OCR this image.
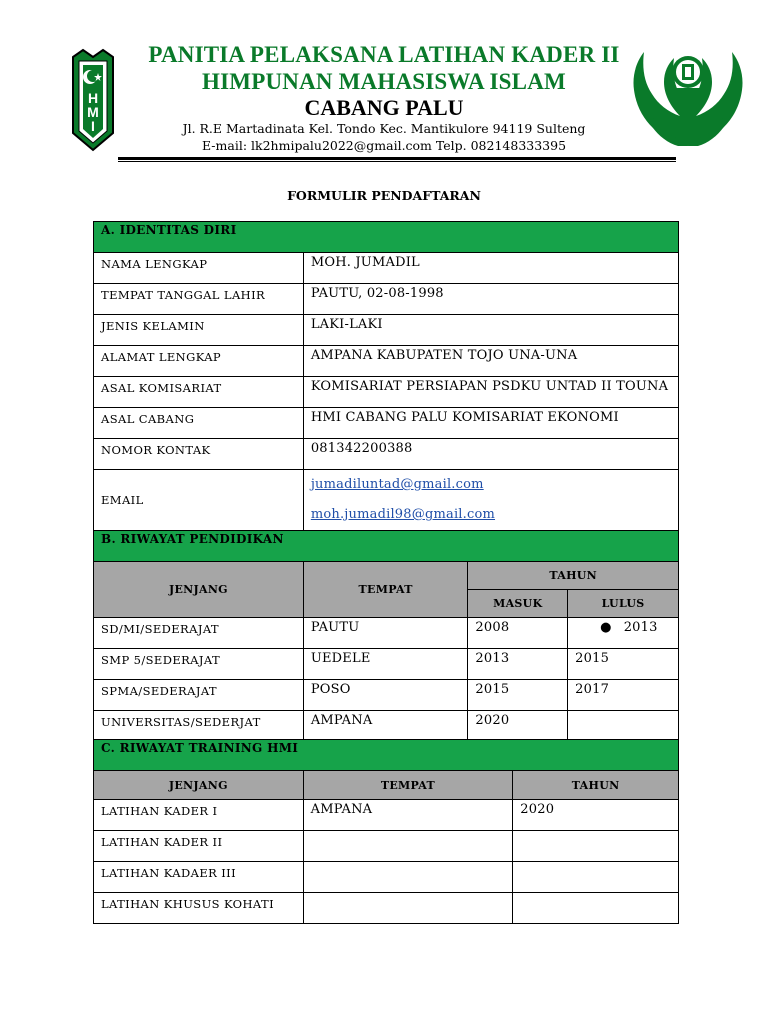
H
M
I
PANITIA PELAKSANA LATIHAN KADER II
HIMPUNAN MAHASISWA ISLAM
CABANG PALU
Jl. R.E Martadinata Kel. Tondo Kec. Mantikulore 94119 Sulteng
E-mail: lk2hmipalu2022@gmail.com Telp. 082148333395
FORMULIR PENDAFTARAN
A. IDENTITAS DIRI			
NAMA LENGKAP	MOH. JUMADIL		
TEMPAT TANGGAL LAHIR	PAUTU, 02-08-1998		
JENIS KELAMIN	LAKI-LAKI		
ALAMAT LENGKAP	AMPANA KABUPATEN TOJO UNA-UNA		
ASAL KOMISARIAT	KOMISARIAT PERSIAPAN PSDKU UNTAD II TOUNA		
ASAL CABANG	HMI CABANG PALU KOMISARIAT EKONOMI		
NOMOR KONTAK	081342200388		
EMAIL	jumadiluntad@gmail.com
moh.jumadil98@gmail.com		

B. RIWAYAT PENDIDIKAN			
JENJANG	TEMPAT	TAHUN	
		MASUK	LULUS
SD/MI/SEDERAJAT	PAUTU	2008	● 2013
SMP 5/SEDERAJAT	UEDELE	2013	2015
SPMA/SEDERAJAT	POSO	2015	2017
UNIVERSITAS/SEDERJAT	AMPANA	2020	
C. RIWAYAT TRAINING HMI		
JENJANG	TEMPAT	TAHUN
LATIHAN KADER I	AMPANA	2020
LATIHAN KADER II		
LATIHAN KADAER III		
LATIHAN KHUSUS KOHATI		
